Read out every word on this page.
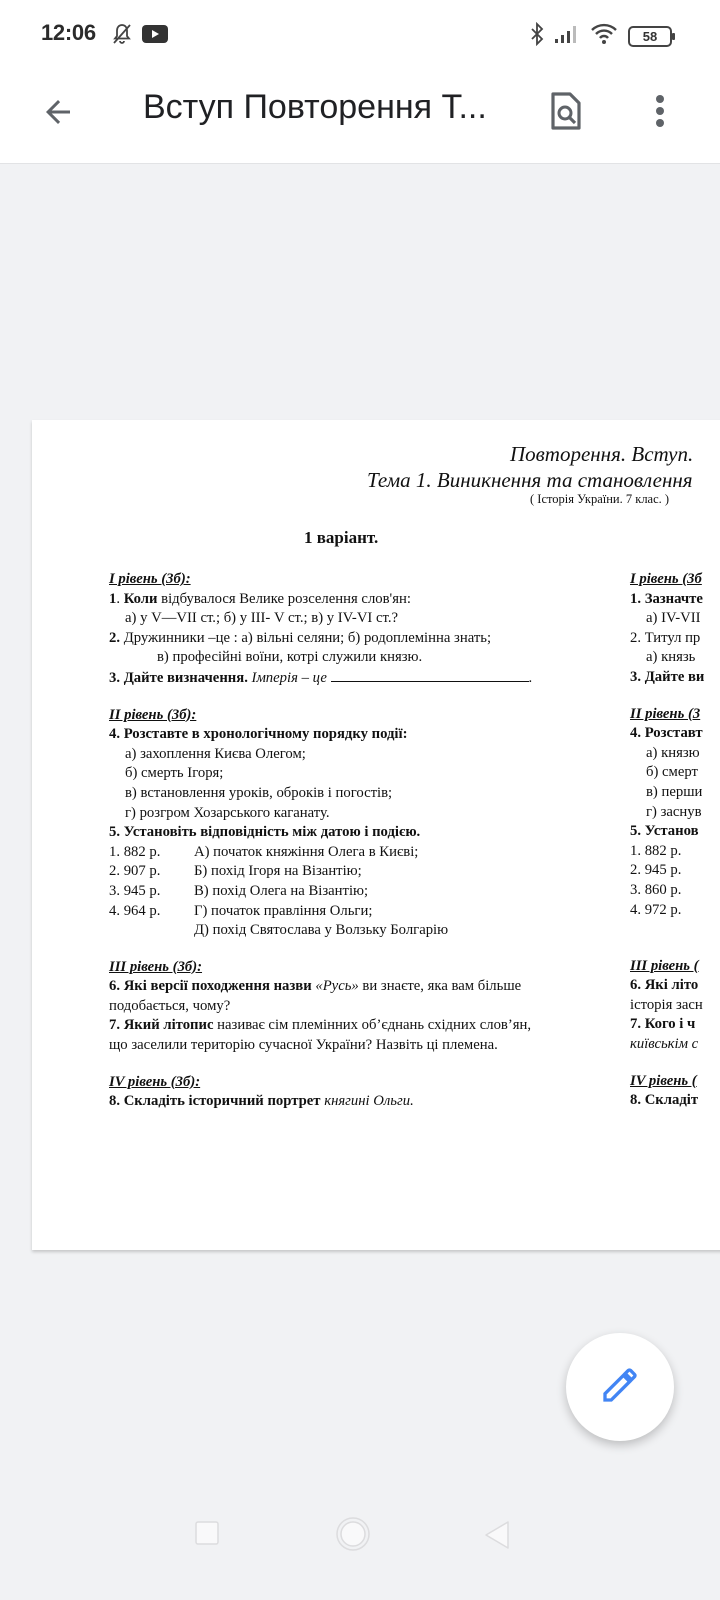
12:06	58
Вступ Повторення Т...
Повторення. Вступ.
Тема 1. Виникнення та становлення
( Історія України. 7 клас. )
1 варіант.
І рівень (3б):
1. Коли відбувалося Велике розселення слов'ян:
а) у V—VII ст.; б) у ІІІ- V ст.; в) у ІV-VІ ст.?
2. Дружинники –це : а) вільні селяни; б) родоплемінна знать;
в) професійні воїни, котрі служили князю.
3. Дайте визначення. Імперія – це	.
ІІ рівень (3б):
4. Розставте в хронологічному порядку події:
а) захоплення Києва Олегом;
б) смерть Ігоря;
в) встановлення уроків, оброків і погостів;
г) розгром Хозарського каганату.
5. Установіть відповідність між датою і подією.
1. 882 р.	А) початок княжіння Олега в Києві;
2. 907 р.	Б) похід Ігоря на Візантію;
3. 945 р.	В) похід Олега на Візантію;
4. 964 р.	Г) початок правління Ольги;
Д) похід Святослава у Волзьку Болгарію
ІІІ рівень (3б):
6. Які версії походження назви «Русь» ви знаєте, яка вам більше
подобається, чому?
7. Який літопис називає сім племінних об’єднань східних слов’ян,
що заселили територію сучасної України? Назвіть ці племена.
ІV рівень (3б):
8. Складіть історичний портрет княгині Ольги.
І рівень (3б
1. Зазначте
а) ІV-VІІ
2. Титул пр
а) князь
3. Дайте ви
ІІ рівень (3
4. Розставт
а) князю
б) смерт
в) перши
г) заснув
5. Установ
1. 882 р.
2. 945 р.
3. 860 р.
4. 972 р.
ІІІ рівень (
6. Які літо
історія засн
7. Кого і ч
київськім с
ІV рівень (
8. Складіт
